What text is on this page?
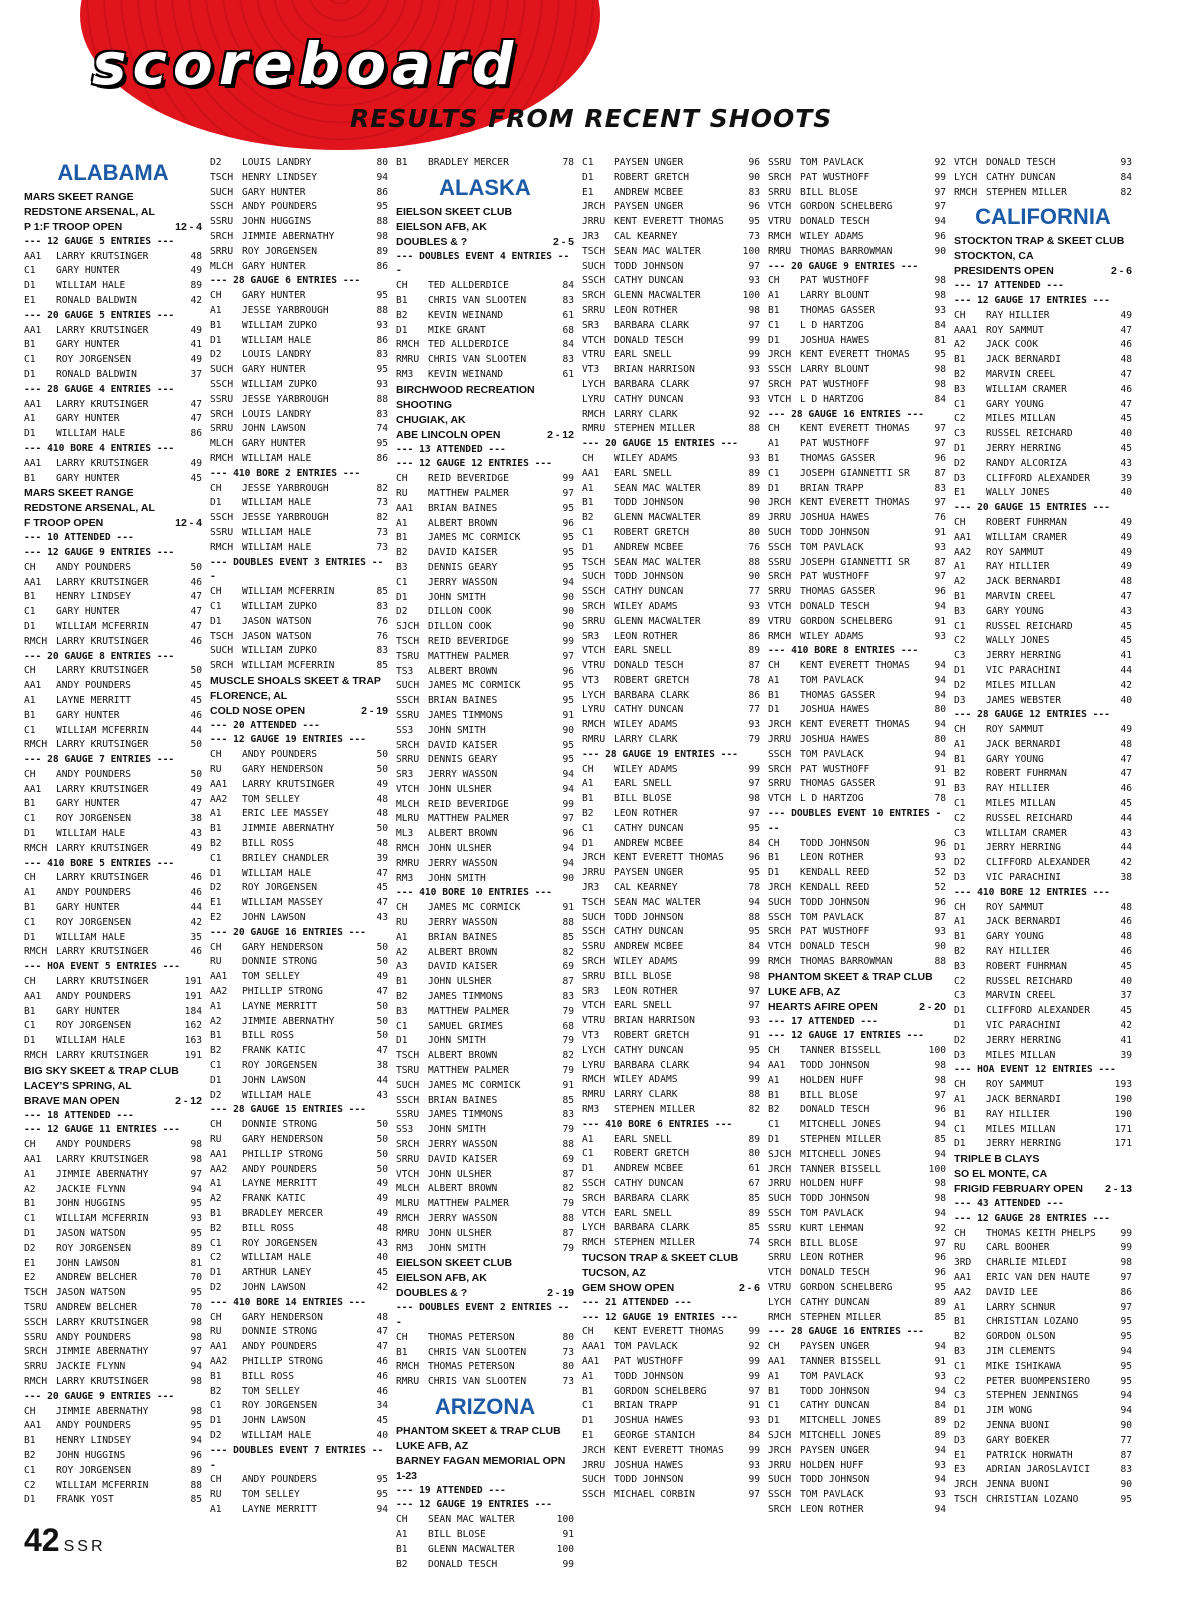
scoreboard
RESULTS FROM RECENT SHOOTS
ALABAMA
MARS SKEET RANGE
REDSTONE ARSENAL, AL
P 1:F TROOP OPEN	12 - 4
--- 12 GAUGE 5 ENTRIES ---
AA1	LARRY KRUTSINGER	48
C1	GARY HUNTER	49
D1	WILLIAM HALE	89
E1	RONALD BALDWIN	42
--- 20 GAUGE 5 ENTRIES ---
AA1	LARRY KRUTSINGER	49
B1	GARY HUNTER	41
C1	ROY JORGENSEN	49
D1	RONALD BALDWIN	37
--- 28 GAUGE 4 ENTRIES ---
AA1	LARRY KRUTSINGER	47
A1	GARY HUNTER	47
D1	WILLIAM HALE	86
--- 410 BORE 4 ENTRIES ---
AA1	LARRY KRUTSINGER	49
B1	GARY HUNTER	45
MARS SKEET RANGE
REDSTONE ARSENAL, AL
F TROOP OPEN	12 - 4
--- 10 ATTENDED ---
--- 12 GAUGE 9 ENTRIES ---
CH	ANDY POUNDERS	50
AA1	LARRY KRUTSINGER	46
B1	HENRY LINDSEY	47
C1	GARY HUNTER	47
D1	WILLIAM MCFERRIN	47
RMCH LARRY KRUTSINGER	46
--- 20 GAUGE 8 ENTRIES ---
CH	LARRY KRUTSINGER	50
AA1	ANDY POUNDERS	45
A1	LAYNE MERRITT	45
B1	GARY HUNTER	46
C1	WILLIAM MCFERRIN	44
RMCH LARRY KRUTSINGER	50
--- 28 GAUGE 7 ENTRIES ---
CH	ANDY POUNDERS	50
AA1	LARRY KRUTSINGER	49
B1	GARY HUNTER	47
C1	ROY JORGENSEN	38
D1	WILLIAM HALE	43
RMCH LARRY KRUTSINGER	49
--- 410 BORE 5 ENTRIES ---
CH	LARRY KRUTSINGER	46
A1	ANDY POUNDERS	46
B1	GARY HUNTER	44
C1	ROY JORGENSEN	42
D1	WILLIAM HALE	35
RMCH LARRY KRUTSINGER	46
--- HOA EVENT 5 ENTRIES ---
CH	LARRY KRUTSINGER	191
AA1	ANDY POUNDERS	191
B1	GARY HUNTER	184
C1	ROY JORGENSEN	162
D1	WILLIAM HALE	163
RMCH LARRY KRUTSINGER	191
BIG SKY SKEET & TRAP CLUB
LACEY'S SPRING, AL
BRAVE MAN OPEN	2 - 12
--- 18 ATTENDED ---
--- 12 GAUGE 11 ENTRIES ---
CH	ANDY POUNDERS	98
AA1	LARRY KRUTSINGER	98
A1	JIMMIE ABERNATHY	97
A2	JACKIE FLYNN	94
B1	JOHN HUGGINS	95
C1	WILLIAM MCFERRIN	93
D1	JASON WATSON	95
D2	ROY JORGENSEN	89
E1	JOHN LAWSON	81
E2	ANDREW BELCHER	70
TSCH JASON WATSON	95
TSRU ANDREW BELCHER	70
SSCH LARRY KRUTSINGER	98
SSRU ANDY POUNDERS	98
SRCH JIMMIE ABERNATHY	97
SRRU JACKIE FLYNN	94
RMCH LARRY KRUTSINGER	98
--- 20 GAUGE 9 ENTRIES ---
CH	JIMMIE ABERNATHY	98
AA1	ANDY POUNDERS	95
B1	HENRY LINDSEY	94
B2	JOHN HUGGINS	96
C1	ROY JORGENSEN	89
C2	WILLIAM MCFERRIN	88
D1	FRANK YOST	85
D2	LOUIS LANDRY	80
TSCH HENRY LINDSEY	94
SUCH GARY HUNTER	86
SSCH ANDY POUNDERS	95
SSRU JOHN HUGGINS	88
SRCH JIMMIE ABERNATHY	98
SRRU ROY JORGENSEN	89
MLCH GARY HUNTER	86
--- 28 GAUGE 6 ENTRIES ---
CH	GARY HUNTER	95
A1	JESSE YARBROUGH	88
B1	WILLIAM ZUPKO	93
D1	WILLIAM HALE	86
D2	LOUIS LANDRY	83
SUCH GARY HUNTER	95
SSCH WILLIAM ZUPKO	93
SSRU JESSE YARBROUGH	88
SRCH LOUIS LANDRY	83
SRRU JOHN LAWSON	74
MLCH GARY HUNTER	95
RMCH WILLIAM HALE	86
--- 410 BORE 2 ENTRIES ---
CH	JESSE YARBROUGH	82
D1	WILLIAM HALE	73
SSCH JESSE YARBROUGH	82
SSRU WILLIAM HALE	73
RMCH WILLIAM HALE	73
--- DOUBLES EVENT 3 ENTRIES ---
CH	WILLIAM MCFERRIN	85
C1	WILLIAM ZUPKO	83
D1	JASON WATSON	76
TSCH JASON WATSON	76
SUCH WILLIAM ZUPKO	83
SRCH WILLIAM MCFERRIN	85
MUSCLE SHOALS SKEET & TRAP
FLORENCE, AL
COLD NOSE OPEN	2 - 19
--- 20 ATTENDED ---
--- 12 GAUGE 19 ENTRIES ---
CH	ANDY POUNDERS	50
RU	GARY HENDERSON	50
AA1	LARRY KRUTSINGER	49
AA2	TOM SELLEY	48
A1	ERIC LEE MASSEY	48
B1	JIMMIE ABERNATHY	50
B2	BILL ROSS	48
C1	BRILEY CHANDLER	39
D1	WILLIAM HALE	47
D2	ROY JORGENSEN	45
E1	WILLIAM MASSEY	47
E2	JOHN LAWSON	43
--- 20 GAUGE 16 ENTRIES ---
CH	GARY HENDERSON	50
RU	DONNIE STRONG	50
AA1	TOM SELLEY	49
AA2	PHILLIP STRONG	47
A1	LAYNE MERRITT	50
A2	JIMMIE ABERNATHY	50
B1	BILL ROSS	50
B2	FRANK KATIC	47
C1	ROY JORGENSEN	38
D1	JOHN LAWSON	44
D2	WILLIAM HALE	43
--- 28 GAUGE 15 ENTRIES ---
CH	DONNIE STRONG	50
RU	GARY HENDERSON	50
AA1	PHILLIP STRONG	50
AA2	ANDY POUNDERS	50
A1	LAYNE MERRITT	49
A2	FRANK KATIC	49
B1	BRADLEY MERCER	49
B2	BILL ROSS	48
C1	ROY JORGENSEN	43
C2	WILLIAM HALE	40
D1	ARTHUR LANEY	45
D2	JOHN LAWSON	42
--- 410 BORE 14 ENTRIES ---
CH	GARY HENDERSON	48
RU	DONNIE STRONG	47
AA1	ANDY POUNDERS	47
AA2	PHILLIP STRONG	46
B1	BILL ROSS	46
B2	TOM SELLEY	46
C1	ROY JORGENSEN	34
D1	JOHN LAWSON	45
D2	WILLIAM HALE	40
--- DOUBLES EVENT 7 ENTRIES ---
CH	ANDY POUNDERS	95
RU	TOM SELLEY	95
A1	LAYNE MERRITT	94
B1	BRADLEY MERCER	78
ALASKA
EIELSON SKEET CLUB
EIELSON AFB, AK
DOUBLES & ?	2 - 5
--- DOUBLES EVENT 4 ENTRIES ---
CH	TED ALLDERDICE	84
B1	CHRIS VAN SLOOTEN	83
B2	KEVIN WEINAND	61
D1	MIKE GRANT	68
RMCH TED ALLDERDICE	84
RMRU CHRIS VAN SLOOTEN	83
RM3	KEVIN WEINAND	61
BIRCHWOOD RECREATION SHOOTING
CHUGIAK, AK
ABE LINCOLN OPEN	2 - 12
--- 13 ATTENDED ---
--- 12 GAUGE 12 ENTRIES ---
CH	REID BEVERIDGE	99
RU	MATTHEW PALMER	97
AA1	BRIAN BAINES	95
A1	ALBERT BROWN	96
B1	JAMES MC CORMICK	95
B2	DAVID KAISER	95
B3	DENNIS GEARY	95
C1	JERRY WASSON	94
D1	JOHN SMITH	90
D2	DILLON COOK	90
SJCH DILLON COOK	90
TSCH REID BEVERIDGE	99
TSRU MATTHEW PALMER	97
TS3	ALBERT BROWN	96
SUCH JAMES MC CORMICK	95
SSCH BRIAN BAINES	95
SSRU JAMES TIMMONS	91
SS3	JOHN SMITH	90
SRCH DAVID KAISER	95
SRRU DENNIS GEARY	95
SR3	JERRY WASSON	94
VTCH JOHN ULSHER	94
MLCH REID BEVERIDGE	99
MLRU MATTHEW PALMER	97
ML3	ALBERT BROWN	96
RMCH JOHN ULSHER	94
RMRU JERRY WASSON	94
RM3	JOHN SMITH	90
--- 410 BORE 10 ENTRIES ---
CH	JAMES MC CORMICK	91
RU	JERRY WASSON	88
A1	BRIAN BAINES	85
A2	ALBERT BROWN	82
A3	DAVID KAISER	69
B1	JOHN ULSHER	87
B2	JAMES TIMMONS	83
B3	MATTHEW PALMER	79
C1	SAMUEL GRIMES	68
D1	JOHN SMITH	79
TSCH ALBERT BROWN	82
TSRU MATTHEW PALMER	79
SUCH JAMES MC CORMICK	91
SSCH BRIAN BAINES	85
SSRU JAMES TIMMONS	83
SS3	JOHN SMITH	79
SRCH JERRY WASSON	88
SRRU DAVID KAISER	69
VTCH JOHN ULSHER	87
MLCH ALBERT BROWN	82
MLRU MATTHEW PALMER	79
RMCH JERRY WASSON	88
RMRU JOHN ULSHER	87
RM3	JOHN SMITH	79
EIELSON SKEET CLUB
EIELSON AFB, AK
DOUBLES & ?	2 - 19
--- DOUBLES EVENT 2 ENTRIES ---
CH	THOMAS PETERSON	80
B1	CHRIS VAN SLOOTEN	73
RMCH THOMAS PETERSON	80
RMRU CHRIS VAN SLOOTEN	73
ARIZONA
PHANTOM SKEET & TRAP CLUB
LUKE AFB, AZ
BARNEY FAGAN MEMORIAL OPN 1-23
--- 19 ATTENDED ---
--- 12 GAUGE 19 ENTRIES ---
CH	SEAN MAC WALTER	100
A1	BILL BLOSE	91
B1	GLENN MACWALTER	100
B2	DONALD TESCH	99
C1	PAYSEN UNGER	96
D1	ROBERT GRETCH	90
E1	ANDREW MCBEE	83
JRCH PAYSEN UNGER	96
JRRU KENT EVERETT THOMAS	95
JR3	CAL KEARNEY	73
TSCH SEAN MAC WALTER	100
SUCH TODD JOHNSON	97
SSCH CATHY DUNCAN	93
SRCH GLENN MACWALTER	100
SRRU LEON ROTHER	98
SR3	BARBARA CLARK	97
VTCH DONALD TESCH	99
VTRU EARL SNELL	99
VT3	BRIAN HARRISON	93
LYCH BARBARA CLARK	97
LYRU CATHY DUNCAN	93
RMCH LARRY CLARK	92
RMRU STEPHEN MILLER	88
--- 20 GAUGE 15 ENTRIES ---
CH	WILEY ADAMS	93
AA1	EARL SNELL	89
A1	SEAN MAC WALTER	89
B1	TODD JOHNSON	90
B2	GLENN MACWALTER	89
C1	ROBERT GRETCH	80
D1	ANDREW MCBEE	76
TSCH SEAN MAC WALTER	88
SUCH TODD JOHNSON	90
SSCH CATHY DUNCAN	77
SRCH WILEY ADAMS	93
SRRU GLENN MACWALTER	89
SR3	LEON ROTHER	86
VTCH EARL SNELL	89
VTRU DONALD TESCH	87
VT3	ROBERT GRETCH	78
LYCH BARBARA CLARK	86
LYRU CATHY DUNCAN	77
RMCH WILEY ADAMS	93
RMRU LARRY CLARK	79
--- 28 GAUGE 19 ENTRIES ---
CH	WILEY ADAMS	99
A1	EARL SNELL	97
B1	BILL BLOSE	98
B2	LEON ROTHER	97
C1	CATHY DUNCAN	95
D1	ANDREW MCBEE	84
JRCH KENT EVERETT THOMAS	96
JRRU PAYSEN UNGER	95
JR3	CAL KEARNEY	78
TSCH SEAN MAC WALTER	94
SUCH TODD JOHNSON	88
SSCH CATHY DUNCAN	95
SSRU ANDREW MCBEE	84
SRCH WILEY ADAMS	99
SRRU BILL BLOSE	98
SR3	LEON ROTHER	97
VTCH EARL SNELL	97
VTRU BRIAN HARRISON	93
VT3	ROBERT GRETCH	91
LYCH CATHY DUNCAN	95
LYRU BARBARA CLARK	94
RMCH WILEY ADAMS	99
RMRU LARRY CLARK	88
RM3	STEPHEN MILLER	82
--- 410 BORE 6 ENTRIES ---
A1	EARL SNELL	89
C1	ROBERT GRETCH	80
D1	ANDREW MCBEE	61
SSCH CATHY DUNCAN	67
SRCH BARBARA CLARK	85
VTCH EARL SNELL	89
LYCH BARBARA CLARK	85
RMCH STEPHEN MILLER	74
TUCSON TRAP & SKEET CLUB
TUCSON, AZ
GEM SHOW OPEN	2 - 6
--- 21 ATTENDED ---
--- 12 GAUGE 19 ENTRIES ---
CH	KENT EVERETT THOMAS	99
AAA1 TOM PAVLACK	92
AA1	PAT WUSTHOFF	99
A1	TODD JOHNSON	99
B1	GORDON SCHELBERG	97
C1	BRIAN TRAPP	91
D1	JOSHUA HAWES	93
E1	GEORGE STANICH	84
JRCH KENT EVERETT THOMAS	99
JRRU JOSHUA HAWES	93
SUCH TODD JOHNSON	99
SSCH MICHAEL CORBIN	97
SSRU TOM PAVLACK	92
SRCH PAT WUSTHOFF	99
SRRU BILL BLOSE	97
VTCH GORDON SCHELBERG	97
VTRU DONALD TESCH	94
RMCH WILEY ADAMS	96
RMRU THOMAS BARROWMAN	90
--- 20 GAUGE 9 ENTRIES ---
CH	PAT WUSTHOFF	98
A1	LARRY BLOUNT	98
B1	THOMAS GASSER	93
C1	L D HARTZOG	84
D1	JOSHUA HAWES	81
JRCH KENT EVERETT THOMAS	95
SSCH LARRY BLOUNT	98
SRCH PAT WUSTHOFF	98
VTCH L D HARTZOG	84
--- 28 GAUGE 16 ENTRIES ---
CH	KENT EVERETT THOMAS	97
A1	PAT WUSTHOFF	97
B1	THOMAS GASSER	96
C1	JOSEPH GIANNETTI SR	87
D1	BRIAN TRAPP	83
JRCH KENT EVERETT THOMAS	97
JRRU JOSHUA HAWES	76
SUCH TODD JOHNSON	91
SSCH TOM PAVLACK	93
SSRU JOSEPH GIANNETTI SR	87
SRCH PAT WUSTHOFF	97
SRRU THOMAS GASSER	96
VTCH DONALD TESCH	94
VTRU GORDON SCHELBERG	91
RMCH WILEY ADAMS	93
--- 410 BORE 8 ENTRIES ---
CH	KENT EVERETT THOMAS	94
A1	TOM PAVLACK	94
B1	THOMAS GASSER	94
D1	JOSHUA HAWES	80
JRCH KENT EVERETT THOMAS	94
JRRU JOSHUA HAWES	80
SSCH TOM PAVLACK	94
SRCH PAT WUSTHOFF	91
SRRU THOMAS GASSER	91
VTCH L D HARTZOG	78
--- DOUBLES EVENT 10 ENTRIES ---
CH	TODD JOHNSON	96
B1	LEON ROTHER	93
D1	KENDALL REED	52
JRCH KENDALL REED	52
SUCH TODD JOHNSON	96
SSCH TOM PAVLACK	87
SRCH PAT WUSTHOFF	93
VTCH DONALD TESCH	90
RMCH THOMAS BARROWMAN	88
PHANTOM SKEET & TRAP CLUB
LUKE AFB, AZ
HEARTS AFIRE OPEN	2 - 20
--- 17 ATTENDED ---
--- 12 GAUGE 17 ENTRIES ---
CH	TANNER BISSELL	100
AA1	TODD JOHNSON	98
A1	HOLDEN HUFF	98
B1	BILL BLOSE	97
B2	DONALD TESCH	96
C1	MITCHELL JONES	94
D1	STEPHEN MILLER	85
SJCH MITCHELL JONES	94
JRCH TANNER BISSELL	100
JRRU HOLDEN HUFF	98
SUCH TODD JOHNSON	98
SSCH TOM PAVLACK	94
SSRU KURT LEHMAN	92
SRCH BILL BLOSE	97
SRRU LEON ROTHER	96
VTCH DONALD TESCH	96
VTRU GORDON SCHELBERG	95
LYCH CATHY DUNCAN	89
RMCH STEPHEN MILLER	85
--- 28 GAUGE 16 ENTRIES ---
CH	PAYSEN UNGER	94
AA1	TANNER BISSELL	91
A1	TOM PAVLACK	93
B1	TODD JOHNSON	94
C1	CATHY DUNCAN	84
D1	MITCHELL JONES	89
SJCH MITCHELL JONES	89
JRCH PAYSEN UNGER	94
JRRU HOLDEN HUFF	93
SUCH TODD JOHNSON	94
SSCH TOM PAVLACK	93
SRCH LEON ROTHER	94
VTCH DONALD TESCH	93
LYCH CATHY DUNCAN	84
RMCH STEPHEN MILLER	82
CALIFORNIA
STOCKTON TRAP & SKEET CLUB
STOCKTON, CA
PRESIDENTS OPEN	2 - 6
--- 17 ATTENDED ---
--- 12 GAUGE 17 ENTRIES ---
CH	RAY HILLIER	49
AAA1 ROY SAMMUT	47
A2	JACK COOK	46
B1	JACK BERNARDI	48
B2	MARVIN CREEL	47
B3	WILLIAM CRAMER	46
C1	GARY YOUNG	47
C2	MILES MILLAN	45
C3	RUSSEL REICHARD	40
D1	JERRY HERRING	45
D2	RANDY ALCORIZA	43
D3	CLIFFORD ALEXANDER	39
E1	WALLY JONES	40
--- 20 GAUGE 15 ENTRIES ---
CH	ROBERT FUHRMAN	49
AA1	WILLIAM CRAMER	49
AA2	ROY SAMMUT	49
A1	RAY HILLIER	49
A2	JACK BERNARDI	48
B1	MARVIN CREEL	47
B3	GARY YOUNG	43
C1	RUSSEL REICHARD	45
C2	WALLY JONES	45
C3	JERRY HERRING	41
D1	VIC PARACHINI	44
D2	MILES MILLAN	42
D3	JAMES WEBSTER	40
--- 28 GAUGE 12 ENTRIES ---
CH	ROY SAMMUT	49
A1	JACK BERNARDI	48
B1	GARY YOUNG	47
B2	ROBERT FUHRMAN	47
B3	RAY HILLIER	46
C1	MILES MILLAN	45
C2	RUSSEL REICHARD	44
C3	WILLIAM CRAMER	43
D1	JERRY HERRING	44
D2	CLIFFORD ALEXANDER	42
D3	VIC PARACHINI	38
--- 410 BORE 12 ENTRIES ---
CH	ROY SAMMUT	48
A1	JACK BERNARDI	46
B1	GARY YOUNG	48
B2	RAY HILLIER	46
B3	ROBERT FUHRMAN	45
C2	RUSSEL REICHARD	40
C3	MARVIN CREEL	37
D1	CLIFFORD ALEXANDER	45
D1	VIC PARACHINI	42
D2	JERRY HERRING	41
D3	MILES MILLAN	39
--- HOA EVENT 12 ENTRIES ---
CH	ROY SAMMUT	193
A1	JACK BERNARDI	190
B1	RAY HILLIER	190
C1	MILES MILLAN	171
D1	JERRY HERRING	171
TRIPLE B CLAYS
SO EL MONTE, CA
FRIGID FEBRUARY OPEN 2 - 13
--- 43 ATTENDED ---
--- 12 GAUGE 28 ENTRIES ---
CH	THOMAS KEITH PHELPS	99
RU	CARL BOOHER	99
3RD	CHARLIE MILEDI	98
AA1	ERIC VAN DEN HAUTE	97
AA2	DAVID LEE	86
A1	LARRY SCHNUR	97
B1	CHRISTIAN LOZANO	95
B2	GORDON OLSON	95
B3	JIM CLEMENTS	94
C1	MIKE ISHIKAWA	95
C2	PETER BUOMPENSIERO	95
C3	STEPHEN JENNINGS	94
D1	JIM WONG	94
D2	JENNA BUONI	90
D3	GARY BOEKER	77
E1	PATRICK HORWATH	87
E3	ADRIAN JAROSLAVICI	83
JRCH JENNA BUONI	90
TSCH CHRISTIAN LOZANO	95
42 SSR
